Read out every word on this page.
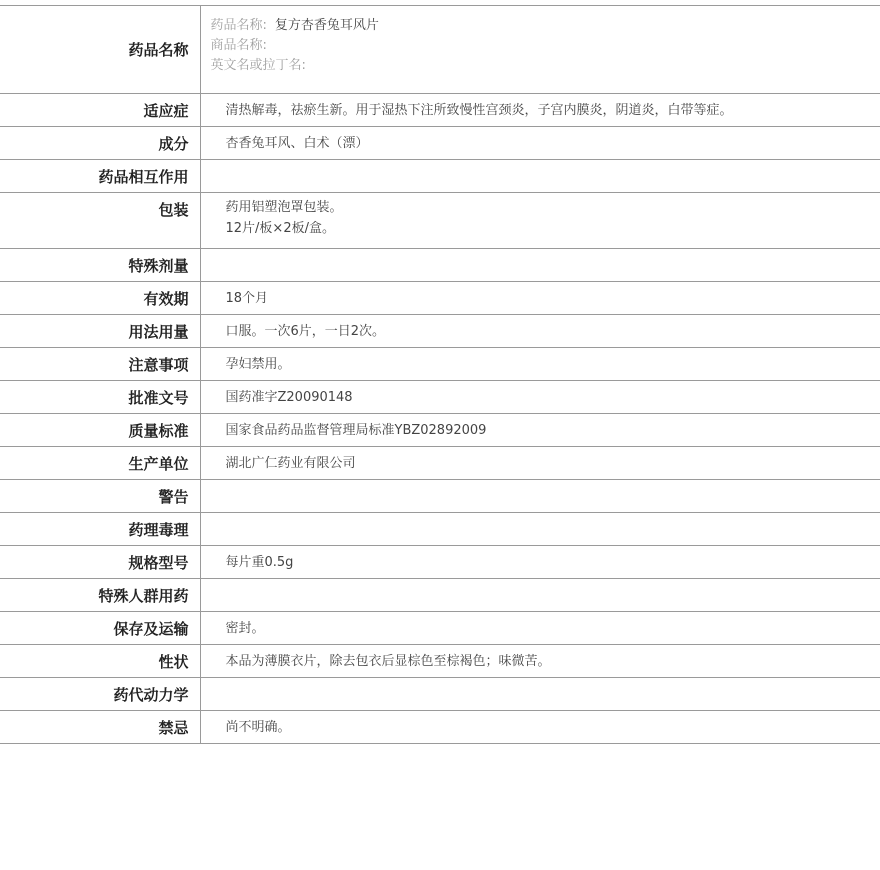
药品名称	药品名称: 复方杏香兔耳风片
商品名称:
英文名或拉丁名:

适应症	清热解毒，祛瘀生新。用于湿热下注所致慢性宫颈炎，子宫内膜炎，阴道炎，白带等症。
成分	杏香兔耳风、白术（漂）
药品相互作用	
包装	药用铝塑泡罩包装。
12片/板×2板/盒。

特殊剂量	
有效期	18个月
用法用量	口服。一次6片，一日2次。
注意事项	孕妇禁用。
批准文号	国药准字Z20090148
质量标准	国家食品药品监督管理局标准YBZ02892009
生产单位	湖北广仁药业有限公司
警告	
药理毒理	
规格型号	每片重0.5g
特殊人群用药	
保存及运输	密封。
性状	本品为薄膜衣片，除去包衣后显棕色至棕褐色；味微苦。
药代动力学	
禁忌	尚不明确。
